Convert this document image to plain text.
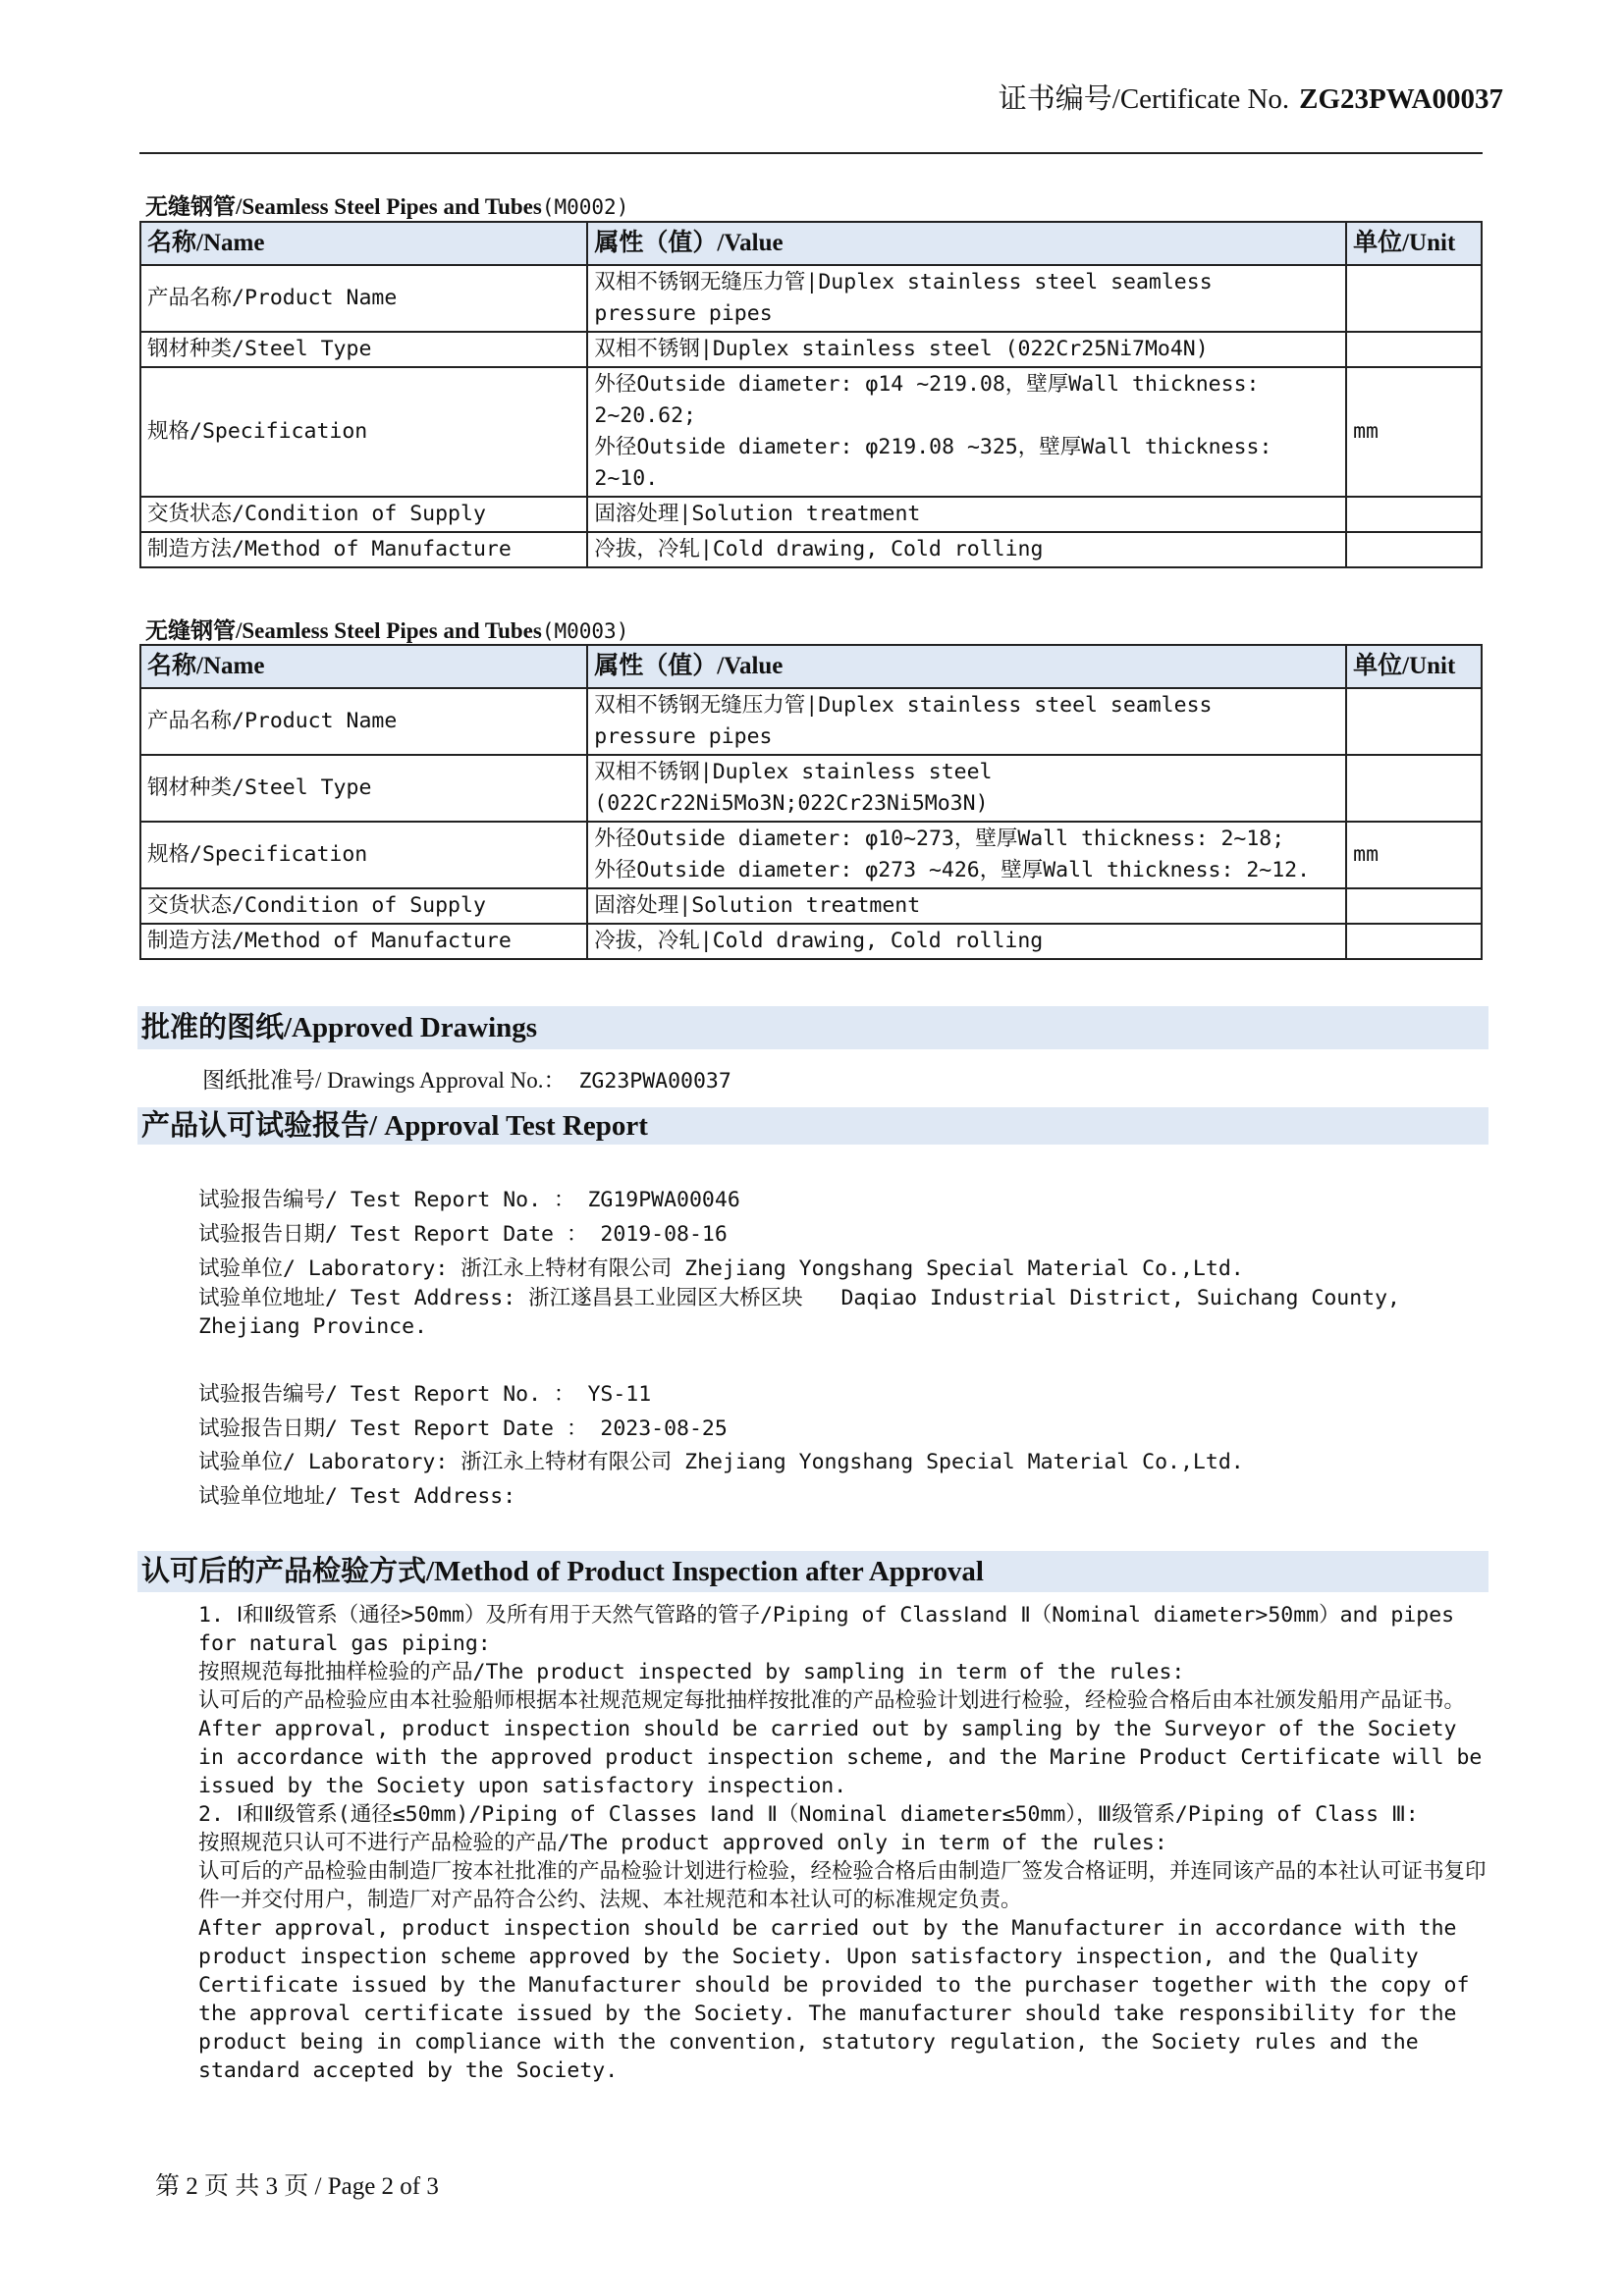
证书编号/Certificate No. ZG23PWA00037
无缝钢管/Seamless Steel Pipes and Tubes(M0002)
名称/Name	属性（值）/Value	单位/Unit
产品名称/Product Name	双相不锈钢无缝压力管|Duplex stainless steel seamless
pressure pipes	
钢材种类/Steel Type	双相不锈钢|Duplex stainless steel (022Cr25Ni7Mo4N)	
规格/Specification	外径Outside diameter: φ14 ~219.08，壁厚Wall thickness:
2~20.62;
外径Outside diameter: φ219.08 ~325，壁厚Wall thickness:
2~10.	mm
交货状态/Condition of Supply	固溶处理|Solution treatment	
制造方法/Method of Manufacture	冷拔，冷轧|Cold drawing, Cold rolling	
无缝钢管/Seamless Steel Pipes and Tubes(M0003)
名称/Name	属性（值）/Value	单位/Unit
产品名称/Product Name	双相不锈钢无缝压力管|Duplex stainless steel seamless
pressure pipes	
钢材种类/Steel Type	双相不锈钢|Duplex stainless steel
(022Cr22Ni5Mo3N;022Cr23Ni5Mo3N)	
规格/Specification	外径Outside diameter: φ10~273，壁厚Wall thickness: 2~18;
外径Outside diameter: φ273 ~426，壁厚Wall thickness: 2~12.	mm
交货状态/Condition of Supply	固溶处理|Solution treatment	
制造方法/Method of Manufacture	冷拔，冷轧|Cold drawing, Cold rolling	
批准的图纸/Approved Drawings
图纸批准号/ Drawings Approval No.： ZG23PWA00037
产品认可试验报告/ Approval Test Report
试验报告编号/ Test Report No. ： ZG19PWA00046
试验报告日期/ Test Report Date ： 2019-08-16
试验单位/ Laboratory: 浙江永上特材有限公司 Zhejiang Yongshang Special Material Co.,Ltd.
试验单位地址/ Test Address: 浙江遂昌县工业园区大桥区块   Daqiao Industrial District, Suichang County, Zhejiang Province.
试验报告编号/ Test Report No. ： YS-11
试验报告日期/ Test Report Date ： 2023-08-25
试验单位/ Laboratory: 浙江永上特材有限公司 Zhejiang Yongshang Special Material Co.,Ltd.
试验单位地址/ Test Address:
认可后的产品检验方式/Method of Product Inspection after Approval

1. Ⅰ和Ⅱ级管系（通径>50mm）及所有用于天然气管路的管子/Piping of ClassⅠand Ⅱ（Nominal diameter>50mm）and pipes for natural gas piping:

按照规范每批抽样检验的产品/The product inspected by sampling in term of the rules:

认可后的产品检验应由本社验船师根据本社规范规定每批抽样按批准的产品检验计划进行检验，经检验合格后由本社颁发船用产品证书。

After approval, product inspection should be carried out by sampling by the Surveyor of the Society in accordance with the approved product inspection scheme, and the Marine Product Certificate will be issued by the Society upon satisfactory inspection.

2. Ⅰ和Ⅱ级管系(通径≤50mm)/Piping of Classes Ⅰand Ⅱ（Nominal diameter≤50mm），Ⅲ级管系/Piping of Class Ⅲ:

按照规范只认可不进行产品检验的产品/The product approved only in term of the rules:

认可后的产品检验由制造厂按本社批准的产品检验计划进行检验，经检验合格后由制造厂签发合格证明，并连同该产品的本社认可证书复印件一并交付用户，制造厂对产品符合公约、法规、本社规范和本社认可的标准规定负责。

After approval, product inspection should be carried out by the Manufacturer in accordance with the product inspection scheme approved by the Society. Upon satisfactory inspection, and the Quality Certificate issued by the Manufacturer should be provided to the purchaser together with the copy of the approval certificate issued by the Society. The manufacturer should take responsibility for the product being in compliance with the convention, statutory regulation, the Society rules and the standard accepted by the Society.

第 2 页 共 3 页 / Page 2 of 3
